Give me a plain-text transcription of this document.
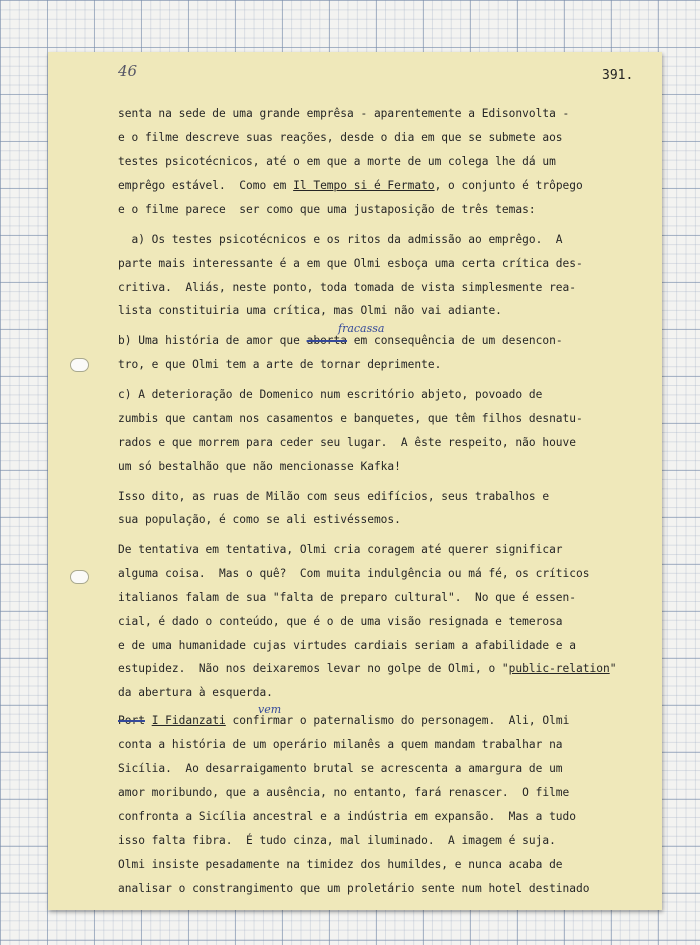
46	391.
senta na sede de uma grande emprêsa - aparentemente a Edisonvolta -
e o filme descreve suas reações, desde o dia em que se submete aos
testes psicotécnicos, até o em que a morte de um colega lhe dá um
emprêgo estável.  Como em Il Tempo si é Fermato, o conjunto é trôpego
e o filme parece  ser como que uma justaposição de três temas:
a) Os testes psicotécnicos e os ritos da admissão ao emprêgo.  A
parte mais interessante é a em que Olmi esboça uma certa crítica des-
critiva.  Aliás, neste ponto, toda tomada de vista simplesmente rea-
lista constituiria uma crítica, mas Olmi não vai adiante.
fracassa
b) Uma história de amor que aborta em consequência de um desencon-
tro, e que Olmi tem a arte de tornar deprimente.
c) A deterioração de Domenico num escritório abjeto, povoado de
zumbis que cantam nos casamentos e banquetes, que têm filhos desnatu-
rados e que morrem para ceder seu lugar.  A êste respeito, não houve
um só bestalhão que não mencionasse Kafka!
Isso dito, as ruas de Milão com seus edifícios, seus trabalhos e
sua população, é como se ali estivéssemos.
De tentativa em tentativa, Olmi cria coragem até querer significar
alguma coisa.  Mas o quê?  Com muita indulgência ou má fé, os críticos
italianos falam de sua "falta de preparo cultural".  No que é essen-
cial, é dado o conteúdo, que é o de uma visão resignada e temerosa
e de uma humanidade cujas virtudes cardiais seriam a afabilidade e a
estupidez.  Não nos deixaremos levar no golpe de Olmi, o "public-relation"
da abertura à esquerda.
vem
Port I Fidanzati confirmar o paternalismo do personagem.  Ali, Olmi
conta a história de um operário milanês a quem mandam trabalhar na
Sicília.  Ao desarraigamento brutal se acrescenta a amargura de um
amor moribundo, que a ausência, no entanto, fará renascer.  O filme
confronta a Sicília ancestral e a indústria em expansão.  Mas a tudo
isso falta fibra.  É tudo cinza, mal iluminado.  A imagem é suja.
Olmi insiste pesadamente na timidez dos humildes, e nunca acaba de
analisar o constrangimento que um proletário sente num hotel destinado
